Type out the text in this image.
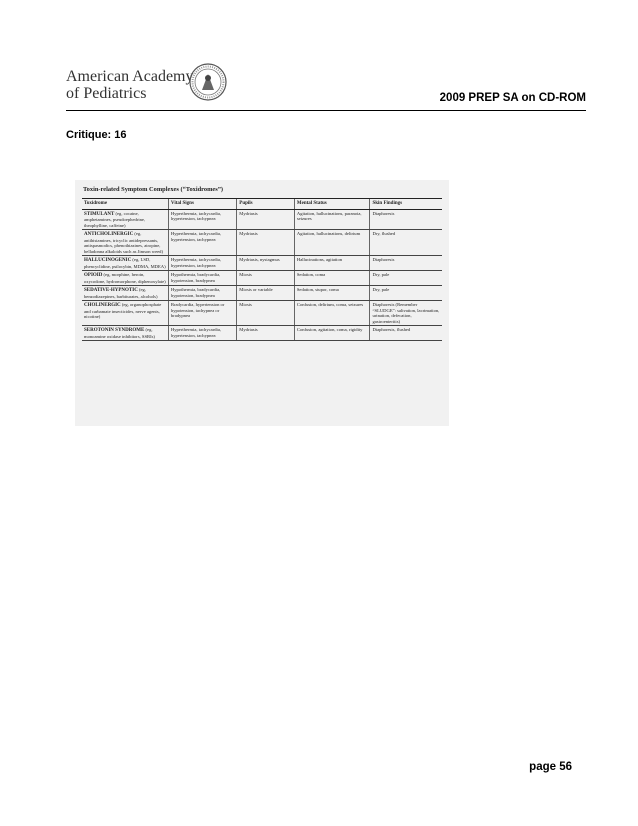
American Academy
of Pediatrics	2009 PREP SA on CD-ROM
Critique: 16
Toxin-related Symptom Complexes (“Toxidromes”)
Toxidrome	Vital Signs	Pupils	Mental Status	Skin Findings
STIMULANT (eg, cocaine, amphetamines, pseudoephedrine, theophylline, caffeine)	Hyperthermia, tachycardia, hypertension, tachypnea	Mydriasis	Agitation, hallucinations, paranoia, seizures	Diaphoresis
ANTICHOLINERGIC (eg, antihistamines, tricyclic antidepressants, antispasmodics, phenothiazines, atropine, belladonna alkaloids such as Jimson weed)	Hyperthermia, tachycardia, hypertension, tachypnea	Mydriasis	Agitation, hallucinations, delirium	Dry, flushed
HALLUCINOGENIC (eg, LSD, phencyclidine, psilocybin, MDMA, MDEA)	Hyperthermia, tachycardia, hypertension, tachypnea	Mydriasis, nystagmus	Hallucinations, agitation	Diaphoresis
OPIOID (eg, morphine, heroin, oxycodone, hydromorphone, diphenoxylate)	Hypothermia, bradycardia, hypotension, bradypnea	Miosis	Sedation, coma	Dry, pale
SEDATIVE-HYPNOTIC (eg, benzodiazepines, barbiturates, alcohols)	Hypothermia, bradycardia, hypotension, bradypnea	Miosis or variable	Sedation, stupor, coma	Dry, pale
CHOLINERGIC (eg, organophosphate and carbamate insecticides, nerve agents, nicotine)	Bradycardia, hypertension or hypotension, tachypnea or bradypnea	Miosis	Confusion, delirium, coma, seizures	Diaphoresis (Remember “SLUDGE”: salivation, lacrimation, urination, defecation, gastroenteritis)
SEROTONIN SYNDROME (eg, monoamine oxidase inhibitors, SSRIs)	Hyperthermia, tachycardia, hypertension, tachypnea	Mydriasis	Confusion, agitation, coma, rigidity	Diaphoresis, flushed
page 56
